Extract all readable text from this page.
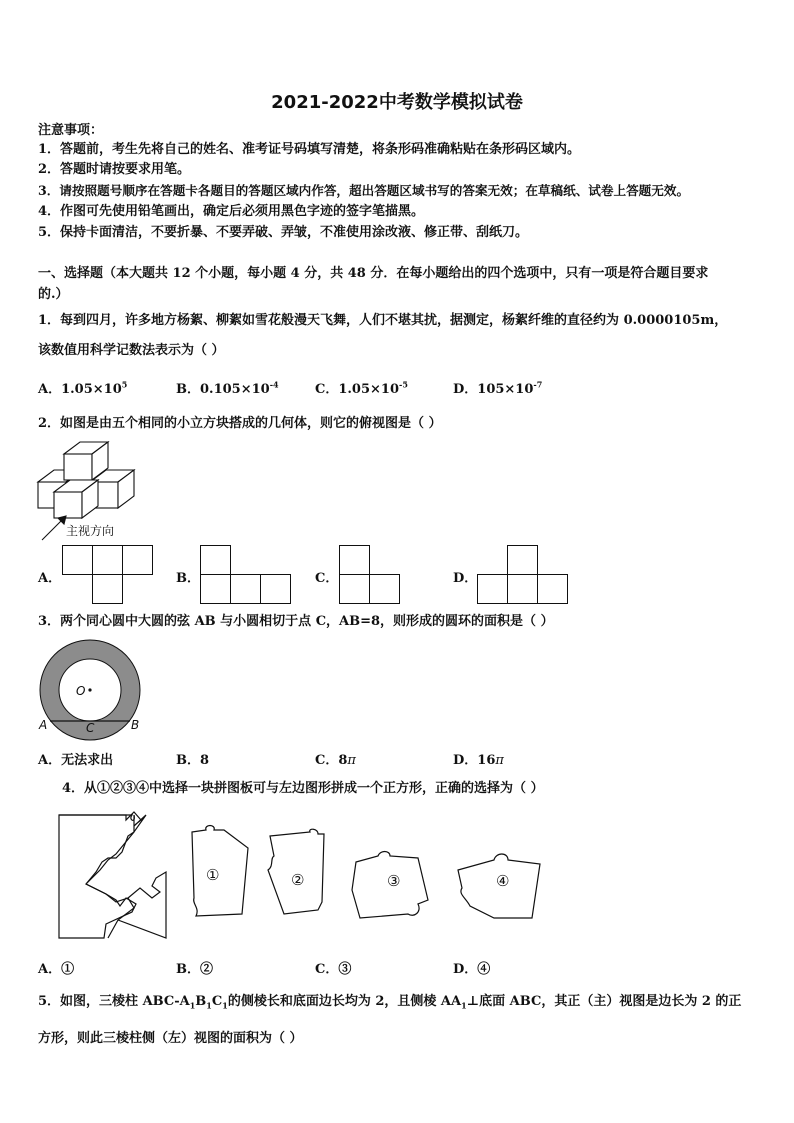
2021-2022中考数学模拟试卷
注意事项：
1．答题前，考生先将自己的姓名、准考证号码填写清楚，将条形码准确粘贴在条形码区域内。
2．答题时请按要求用笔。
3．请按照题号顺序在答题卡各题目的答题区域内作答，超出答题区域书写的答案无效；在草稿纸、试卷上答题无效。
4．作图可先使用铅笔画出，确定后必须用黑色字迹的签字笔描黑。
5．保持卡面清洁，不要折暴、不要弄破、弄皱，不准使用涂改液、修正带、刮纸刀。
一、选择题（本大题共 12 个小题，每小题 4 分，共 48 分．在每小题给出的四个选项中，只有一项是符合题目要求
的.）
1．每到四月，许多地方杨絮、柳絮如雪花般漫天飞舞，人们不堪其扰，据测定，杨絮纤维的直径约为 0.0000105m，
该数值用科学记数法表示为（ ）
A．$1.05\times 10^5$	B．$0.105\times 10^{-4}$	C．$1.05\times 10^{-5}$	D．$105\times 10^{-7}$
2．如图是由五个相同的小立方块搭成的几何体，则它的俯视图是（ ）
主视方向
A．	B．	C．	D．
3．两个同心圆中大圆的弦 AB 与小圆相切于点 C，AB=8，则形成的圆环的面积是（ ）
O
A	C	B
A．无法求出	B．8	C．8π	D．16π
4．从①②③④中选择一块拼图板可与左边图形拼成一个正方形，正确的选择为（ ）
①	②	③	④
A．①	B．②	C．③	D．④
5．如图，三棱柱 ABC-$A_1B_1C_1$的侧棱长和底面边长均为 2，且侧棱 $AA_1\perp$底面 ABC，其正（主）视图是边长为 2 的正
方形，则此三棱柱侧（左）视图的面积为（ ）
